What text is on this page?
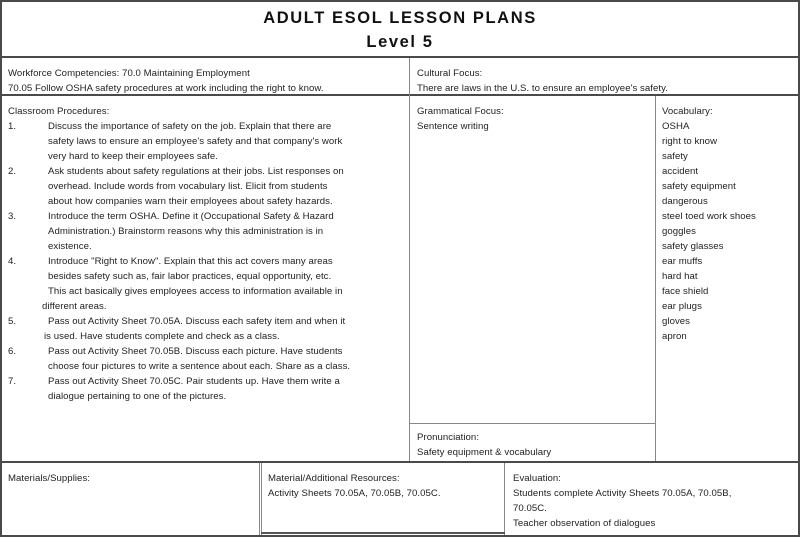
ADULT ESOL LESSON PLANS
Level 5

Workforce Competencies: 70.0 Maintaining Employment

70.05 Follow OSHA safety procedures at work including the right to know.

Cultural Focus:

There are laws in the U.S. to ensure an employee's safety.

Classroom Procedures:

1.	Discuss the importance of safety on the job. Explain that there are
safety laws to ensure an employee's safety and that company's work
very hard to keep their employees safe.
2.	Ask students about safety regulations at their jobs. List responses on
overhead. Include words from vocabulary list. Elicit from students
about how companies warn their employees about safety hazards.
3.	Introduce the term OSHA. Define it (Occupational Safety & Hazard
Administration.) Brainstorm reasons why this administration is in
existence.
4.	Introduce "Right to Know". Explain that this act covers many areas
besides safety such as, fair labor practices, equal opportunity, etc.
This act basically gives employees access to information available in
different areas.
5.	Pass out Activity Sheet 70.05A. Discuss each safety item and when it
is used. Have students complete and check as a class.
6.	Pass out Activity Sheet 70.05B. Discuss each picture. Have students
choose four pictures to write a sentence about each. Share as a class.
7.	Pass out Activity Sheet 70.05C. Pair students up. Have them write a
dialogue pertaining to one of the pictures.

Grammatical Focus:

Sentence writing

Pronunciation:

Safety equipment & vocabulary

Vocabulary:

OSHA
right to know
safety
accident
safety equipment
dangerous
steel toed work shoes
goggles
safety glasses
ear muffs
hard hat
face shield
ear plugs
gloves
apron

Materials/Supplies:	Material/Additional Resources:

Activity Sheets 70.05A, 70.05B, 70.05C.

Evaluation:

Students complete Activity Sheets 70.05A, 70.05B,

70.05C.

Teacher observation of dialogues
